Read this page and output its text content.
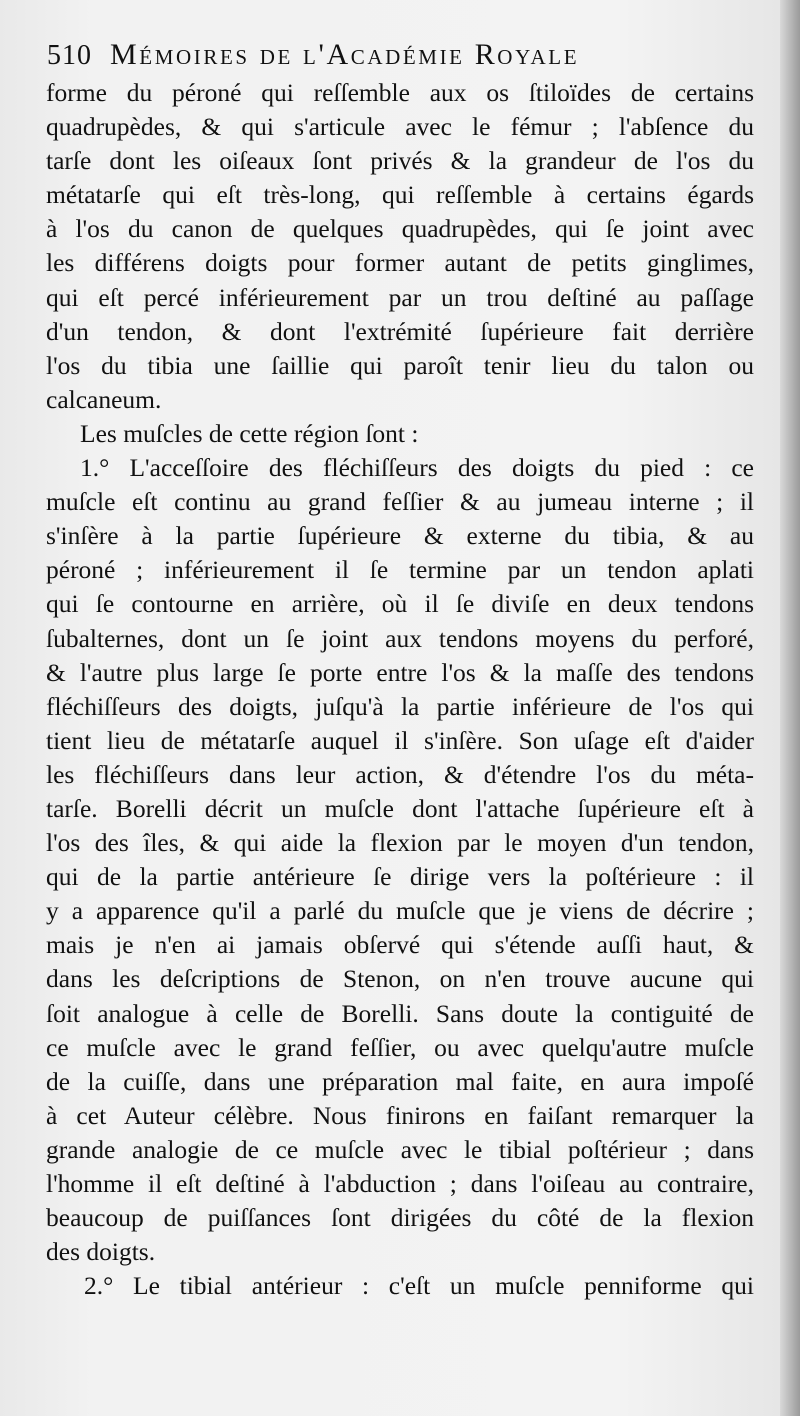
510 Mémoires de l'Académie Royale
forme du péroné qui reſſemble aux os ſtiloïdes de certains
quadrupèdes, & qui s'articule avec le fémur ; l'abſence du
tarſe dont les oiſeaux ſont privés & la grandeur de l'os du
métatarſe qui eſt très-long, qui reſſemble à certains égards
à l'os du canon de quelques quadrupèdes, qui ſe joint avec
les différens doigts pour former autant de petits ginglimes,
qui eſt percé inférieurement par un trou deſtiné au paſſage
d'un tendon, & dont l'extrémité ſupérieure fait derrière
l'os du tibia une ſaillie qui paroît tenir lieu du talon ou
calcaneum.
Les muſcles de cette région ſont :
1.° L'acceſſoire des fléchiſſeurs des doigts du pied : ce
muſcle eſt continu au grand feſſier & au jumeau interne ; il
s'inſère à la partie ſupérieure & externe du tibia, & au
péroné ; inférieurement il ſe termine par un tendon aplati
qui ſe contourne en arrière, où il ſe diviſe en deux tendons
ſubalternes, dont un ſe joint aux tendons moyens du perforé,
& l'autre plus large ſe porte entre l'os & la maſſe des tendons
fléchiſſeurs des doigts, juſqu'à la partie inférieure de l'os qui
tient lieu de métatarſe auquel il s'inſère. Son uſage eſt d'aider
les fléchiſſeurs dans leur action, & d'étendre l'os du méta-
tarſe. Borelli décrit un muſcle dont l'attache ſupérieure eſt à
l'os des îles, & qui aide la flexion par le moyen d'un tendon,
qui de la partie antérieure ſe dirige vers la poſtérieure : il
y a apparence qu'il a parlé du muſcle que je viens de décrire ;
mais je n'en ai jamais obſervé qui s'étende auſſi haut, &
dans les deſcriptions de Stenon, on n'en trouve aucune qui
ſoit analogue à celle de Borelli. Sans doute la contiguité de
ce muſcle avec le grand feſſier, ou avec quelqu'autre muſcle
de la cuiſſe, dans une préparation mal faite, en aura impoſé
à cet Auteur célèbre. Nous finirons en faiſant remarquer la
grande analogie de ce muſcle avec le tibial poſtérieur ; dans
l'homme il eſt deſtiné à l'abduction ; dans l'oiſeau au contraire,
beaucoup de puiſſances ſont dirigées du côté de la flexion
des doigts.
2.° Le tibial antérieur : c'eſt un muſcle penniforme qui
